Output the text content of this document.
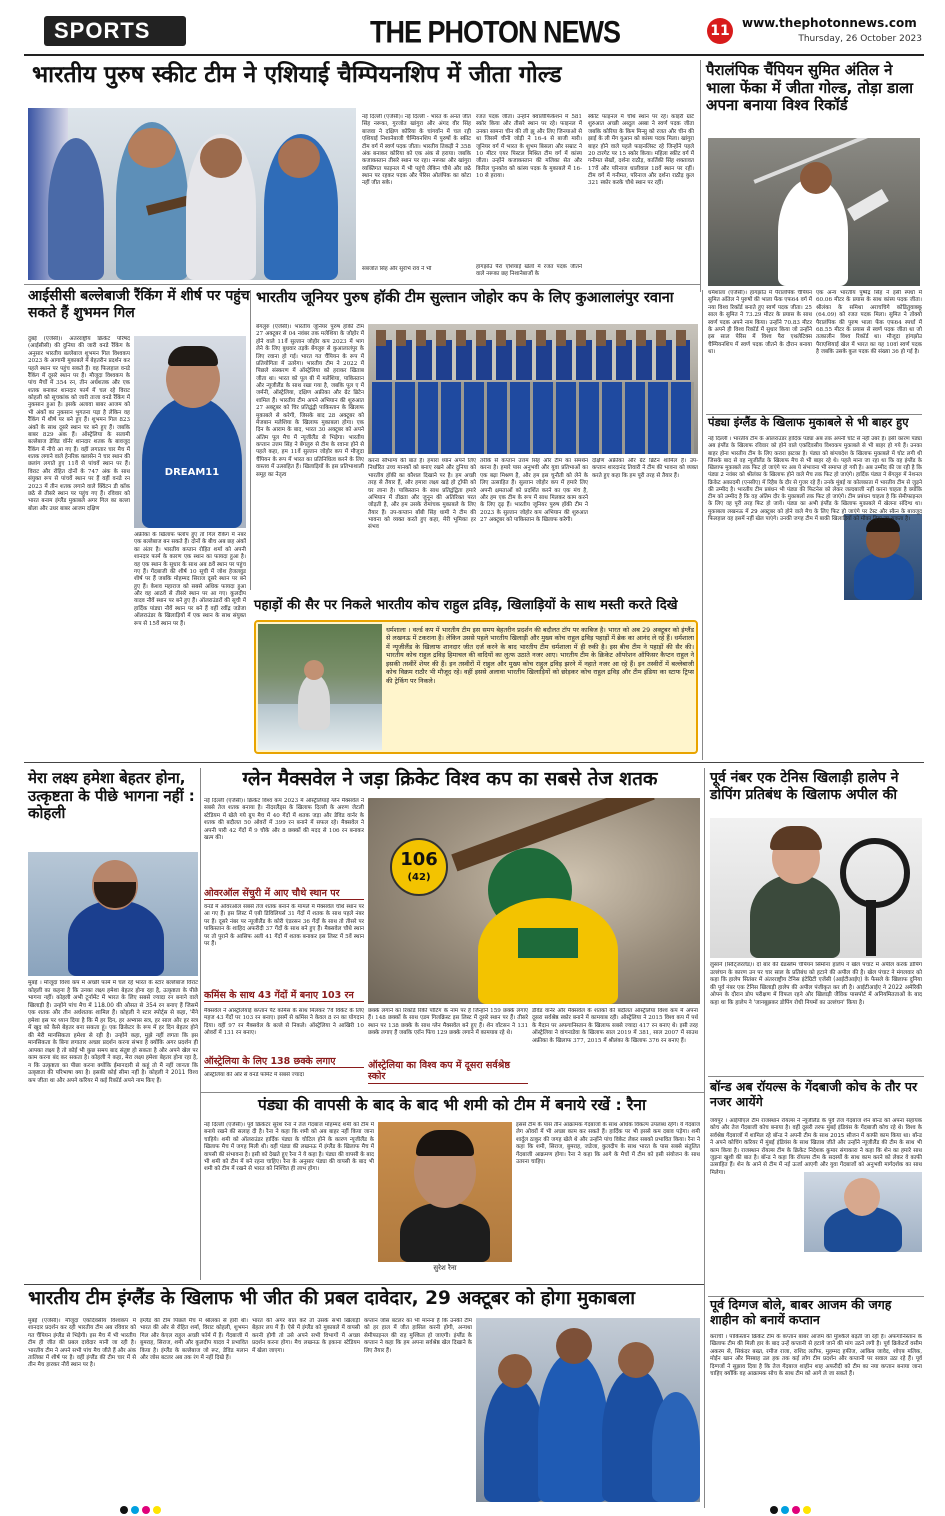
SPORTS	THE PHOTON NEWS	11 www.thephotonnews.com
Thursday, 26 October 2023
भारतीय पुरुष स्कीट टीम ने एशियाई चैम्पियनशिप में जीता गोल्ड
नई दिल्ली (एजेंसी)। नई दिल्ली - भारत के अनंत जीत सिंह नरूका, गुरजोत खांगुरा और अंगद वीर सिंह बाजवा ने दक्षिण कोरिया के चांगवॉन में चल रही एशियाई निशानेबाजी चैम्पियनशिप में पुरुषों के स्कीट टीम वर्ग में स्वर्ण पदक जीता। भारतीय तिकड़ी ने 358 अंक बनाकर कोरिया को एक अंक से हराया। जबकि कजाकस्तान तीसरे स्थान पर रहा। नरूका और खांगुरा व्यक्तिगत फाइनल में भी पहुंचे लेकिन चौथे और छठे स्थान पर रहकर पदक और पेरिस ओलंपिक का कोटा नहीं जीत सके।
सबजोत सिंह और सुरभि राव ने भी
रजत पदक जीता। उन्होंने क्वालीफिकेशन में 581 स्कोर किया और तीसरे स्थान पर रहे। फाइनल में उनका सामना चीन की ली झू और लिए जिनयाओ से था जिसमें चीनी जोड़ी ने 16-4 से बाजी मारी। जूनियर वर्ग में भारत के शुभम बिसला और सम्राट ने 10 मीटर एयर पिस्टल मिश्रित टीम वर्ग में कांस्य जीता। उन्होंने कजाकस्तान की मलिका सेत और किरिल चुनकोव को कांस्य पदक के मुकाबले में 16-10 से हराया।
हांगझोउ पैरा एशियाई खेलों में रजत पदक जीतने वाले नरूका छह निशानेबाजों के
स्कीट फाइनल में चौथे स्थान पर रहे। काइरी ग्रांटे शुरुआत अच्छी अब्दुल अब्बा ने स्वर्ण पदक जीता जबकि कोरिया के किम मिन्सु को रजत और चीन की झाई के ली मेंग युआन को कांस्य पदक मिला। खांगुरा बाहर होने वाले पहले फाइनलिस्ट रहे जिन्होंने पहले 20 टारगेट पर 15 स्कोर किया। महिला स्कीट वर्ग में गनीमत सेखों, दर्शना राठौड़, कार्तिकी सिंह शक्तावत 17वें और परिनाज धालीवाल 18वें स्थान पर रहीं। टीम वर्ग में गनीमत, परिनाज और दर्शना राठौड़ कुल 321 स्कोर करके चौथे स्थान पर रहीं।
पैरालंपिक चैंपियन सुमित अंतिल ने भाला फेंका में जीता गोल्ड, तोड़ा डाला अपना बनाया विश्व रिकॉर्ड
धर्मशाला (एजेंसी)। हांगझोउ में पैरालंपिक चैंपियन सुमित अंतिल ने पुरुषों की भाला फेंक एफ64 वर्ग में नया विश्व रिकॉर्ड बनाते हुए स्वर्ण पदक जीता। 25 साल के सुमित ने 73.29 मीटर के प्रयास के साथ स्वर्ण पदक अपने नाम किया। उन्होंने 70.83 मीटर के अपने ही विश्व रिकॉर्ड में सुधार किया जो उन्होंने इस साल पेरिस में विश्व पैरा एथलेटिक्स चैम्पियनशिप में स्वर्ण पदक जीतने के दौरान बनाया था।
एक अन्य भारतीय पुष्पेंद्र सिंह ने इसी स्पर्धा में 60.06 मीटर के प्रयास के साथ कांस्य पदक जीता। श्रीलंका के समिथा अराचचिगे कोडितुवाक्कू (64.09) को रजत पदक मिला। सुमित ने तोक्यो पैरालंपिक की पुरुष भाला फेंक एफ64 स्पर्धा में 68.55 मीटर के प्रयास से स्वर्ण पदक जीता था जो तत्कालीन विश्व रिकॉर्ड था। मौजूदा हांगझोउ पैराएशियाई खेल में भारत का यह 10वां स्वर्ण पदक है जबकि उसके कुल पदक की संख्या 36 हो गई है।
आईसीसी बल्लेबाजी रैंकिंग में शीर्ष पर पहुंच सकते हैं शुभमन गिल
DREAM11
दुबई (एजेंसी)। अंतरराष्ट्रीय क्रिकेट परिषद (आईसीसी) की दुनिया की जारी वनडे रैंकिंग के अनुसार भारतीय बल्लेबाज शुभमन गिल विश्वकप 2023 के आगामी मुकाबले में बेहतरीन प्रदर्शन कर पहले स्थान पर पहुंच सकते हैं। वह फिलहाल वनडे रैंकिंग में दूसरे स्थान पर हैं। मौजूदा विश्वकप के पांच मैचों में 354 रन, तीन अर्धशतक और एक शतक बनाकर शानदार फार्म में चल रहे विराट कोहली को सूचकांक को जारी ताजा वनडे रैंकिंग में नुकसान हुआ है। इसके अलावा बाबर आजम को भी अंकों का नुकसान भुगतना पड़ा है लेकिन वह रैंकिंग में शीर्ष पर बने हुए हैं। शुभमन गिल 823 अंकों के साथ दूसरे स्थान पर बने हुए हैं। जबकि बाबर 829 अंक हैं। ऑस्ट्रेलिया के सलामी बल्लेबाज डेविड वॉर्नर शानदार शतक के बावजूद रैंकिंग में नीचे आ गए हैं। वहीं लगातार चार मैच में शतक लगाने वाले हेनरिक क्लासेन ने चार स्थान की छलांग लगाते हुए 11वें से पांचवें स्थान पर हैं। विराट और रोहित दोनों के 747 अंक के साथ संयुक्त रूप से पांचवें स्थान पर हैं वहीं वनडे रन 2023 में तीन शतक लगाने वाले क्विंटन डी कॉक छठे से तीसरे स्थान पर पहुंच गए हैं। रविवार को भारत बनाम इंग्लैंड मुकाबले अगर गिल का बल्ला बोला और उधर बाबर आजम दक्षिण
अफ्रीका के खिलाफ फ्लॉप हुए तो गिल रैंकिंग में नंबर एक बल्लेबाज बन सकते हैं। दोनों के बीच अब छह अंकों का अंतर है। भारतीय कप्तान रोहित शर्मा को अपनी शानदार फार्म के कारण एक स्थान का फायदा हुआ है। वह एक स्थान के सुधार के साथ अब 8वें स्थान पर पहुंच गए हैं। गेंदबाजी की शीर्ष 10 सूची में जोश हेजलवुड शीर्ष पर हैं जबकि मोहम्मद सिराज दूसरे स्थान पर बने हुए हैं। केशव महाराज को सबसे अधिक फायदा हुआ और वह आठवें से तीसरे स्थान पर आ गए। कुलदीप यादव नौवें स्थान पर बने हुए हैं। ऑलराउंडरों की सूची में हार्दिक पांड्या नौवें स्थान पर बने हैं वहीं रवींद्र जडेजा ऑलराउंडर के खिलाड़ियों में एक स्थान के साथ संयुक्त रूप से 15वें स्थान पर हैं।
भारतीय जूनियर पुरुष हॉकी टीम सुल्तान जोहोर कप के लिए कुआलालंपुर रवाना
बेंगलुरु (एजेंसी)। भारतीय जूनियर पुरुष हॉकी टीम 27 अक्टूबर से 04 नवंबर तक मलेशिया के जोहोर में होने वाले 11वें सुल्तान जोहोर कप 2023 में भाग लेने के लिए बुधवार तड़के बेंगलुरु से कुआलालंपुर के लिए रवाना हो गई। भारत गत चैंपियन के रूप में प्रतियोगिता में उतरेगा। भारतीय टीम ने 2022 में पिछले संस्करण में ऑस्ट्रेलिया को हराकर खिताब जीता था। भारत को पूल बी में मलेशिया, पाकिस्तान और न्यूजीलैंड के साथ रखा गया है, जबकि पूल ए में जर्मनी, ऑस्ट्रेलिया, दक्षिण अफ्रीका और ग्रेट ब्रिटेन शामिल हैं। भारतीय टीम अपने अभियान की शुरुआत 27 अक्टूबर को चिर प्रतिद्वंद्वी पाकिस्तान के खिलाफ मुकाबले से करेगी, जिसके बाद 28 अक्टूबर को मेजबान मलेशिया के खिलाफ मुकाबला होगा। एक दिन के आराम के बाद, भारत 30 अक्टूबर को अपने अंतिम पूल मैच में न्यूजीलैंड से भिड़ेगा। भारतीय कप्तान उत्तम सिंह ने बेंगलुरु से टीम के रवाना होने से पहले कहा, हम 11वें सुल्तान जोहोर कप में मौजूदा चैंपियन के रूप में भारत का प्रतिनिधित्व करने के लिए वास्तव में उत्साहित हैं। खिलाड़ियों के इस प्रतिभाशाली समूह का नेतृत्व
करना सौभाग्य की बात है। हमारा ध्यान अपने लिए निर्धारित उच्च मानकों को बनाए रखने और दुनिया को भारतीय हॉकी का कौशल दिखाने पर है। हम अच्छी तरह से तैयार हैं, और हमारा लक्ष्य खड़े हो ट्रॉफी को घर लाना है। पाकिस्तान के साथ प्रतिद्वंद्विता हमारे अभियान में तीव्रता और जुनून की अतिरिक्त परत जोड़ती है, और हम उसके रोमांचक मुकाबले के लिए तैयार हैं। उप-कप्तान बॉबी सिंह धामी ने टीम की भावना को व्यक्त करते हुए कहा, मेरी भूमिका हर संभव
तरीके से कप्तान उत्तम सिंह और टीम का समर्थन करना है। हमारे पास अनुभवी और युवा प्रतिभाओं का एक बढ़ा मिश्रण है, और हम इस चुनौती को लेने के लिए उत्साहित हैं। सुल्तान जोहोर कप में हमारे लिए अपनी क्षमताओं को प्रदर्शित करने का एक मंच है, और हम एक टीम के रूप में साथ मिलकर काम करने के लिए दृढ़ हैं। भारतीय जूनियर पुरुष हॉकी टीम ने 2023 के सुल्तान जोहोर कप अभियान की शुरुआत 27 अक्टूबर को पाकिस्तान के खिलाफ करेगी।
दक्षिण अफ्रीका और ग्रेट ब्रिटेन शामिल हैं। उप-कप्तान शारदानंद तिवारी ने टीम की भावना को व्यक्त करते हुए कहा कि हम पूरी तरह से तैयार हैं।
पहाड़ों की सैर पर निकले भारतीय कोच राहुल द्रविड़, खिलाड़ियों के साथ मस्ती करते दिखे
धर्मशाला । वर्ल्ड कप में भारतीय टीम इस समय बेहतरीन प्रदर्शन की बदौलत टॉप पर काबिज है। भारत को अब 29 अक्टूबर को इंग्लैंड से लखनऊ में टकराना है। लेकिन उससे पहले भारतीय खिलाड़ी और मुख्य कोच राहुल द्रविड़ पहाड़ों में ब्रेक का आनंद ले रहे हैं। धर्मशाला में न्यूजीलैंड के खिलाफ शानदार जीत दर्ज करने के बाद भारतीय टीम धर्मशाला में ही रुकी है। इस बीच टीम ने पहाड़ों की सैर की। भारतीय कोच राहुल द्रविड़ हिमाचल की वादियों का लुत्फ उठाते नजर आए। भारतीय टीम के क्रिकेट ऑपरेशन ऑफिसर कैप्टन राहुल ने इसकी तस्वीरें शेयर की हैं। इन तस्वीरों में राहुल और मुख्य कोच राहुल द्रविड़ झरने में नहाते नजर आ रहे हैं। इन तस्वीरों में बल्लेबाजी कोच विक्रम राठौर भी मौजूद रहे। वहीं इससे अलावा भारतीय खिलाड़ियों को छोड़कर कोच राहुल द्रविड़ और टीम इंडिया का स्टाफ ट्रिप्स की ट्रेकिंग पर निकले।
पंड्या इंग्लैंड के खिलाफ मुकाबले से भी बाहर हुए
नई दिल्ली । भारतीय टीम के ऑलराउंडर हार्दिक पंड्या अब तक अपनी चोट से नहीं उबरे हैं। इसी कारण पंड्या अब इंग्लैंड के खिलाफ रविवार को होने वाले एकदिवसीय विश्वकप मुकाबले से भी बाहर हो गये हैं। उनका बाहर होना भारतीय टीम के लिए करारा झटका है। पंड्या को बांग्लादेश के खिलाफ मुकाबले में चोट लगी थी जिसके बाद से वह न्यूजीलैंड के खिलाफ मैच से भी बाहर रहे थे। पहले माना जा रहा था कि वह इंग्लैंड के खिलाफ मुकाबले तक फिट हो जाएंगे पर अब ये संभावना भी समाप्त हो गयी है। अब उम्मीद की जा रही है कि पंड्या 2 नवंबर को श्रीलंका के खिलाफ होने वाले मैच तक फिट हो जाएंगे। हार्दिक पंड्या ने बेंगलुरु में नेशनल क्रिकेट अकादमी (एनसीए) में रिहैब के दौर से गुजर रहे हैं। उनके मुंबई या कोलकाता में भारतीय टीम से जुड़ने की उम्मीद है। भारतीय टीम प्रबंधन भी पंड्या की फिटनेस को लेकर जल्दबाजी नहीं करना चाहता है क्योंकि टीम को उम्मीद है कि वह अंतिम दौर के मुकाबलों तक फिट हो जाएंगे। टीम प्रबंधन चाहता है कि सेमीफाइनल के लिए वह पूरी तरह फिट हो जायें। पंड्या का अभी इंग्लैंड के खिलाफ मुकाबले में खेलना संदिग्ध था। मुकाबला लखनऊ में 29 अक्टूबर को होने वाले मैच के लिए फिट हो जाएंगे पर टेस्ट और स्कैन के बावजूद फिलहाल वह इसमें नहीं खेल पाएंगे। उनकी जगह टीम में बाकी खिलाड़ियों को मौका दिया जा सकता है।
मेरा लक्ष्य हमेशा बेहतर होना, उत्कृष्टता के पीछे भागना नहीं : कोहली
मुंबई । मौजूदा विश्व कप में अच्छी फॉर्म में चल रहे भारत के स्टार बल्लेबाज विराट कोहली का कहना है कि उनका लक्ष्य हमेशा बेहतर होना रहा है, उत्कृष्टता के पीछे भागना नहीं। कोहली अभी टूर्नामेंट में भारत के लिए सबसे ज्यादा रन बनाने वाले खिलाड़ी हैं। उन्होंने पांच मैच में 118.00 की औसत से 354 रन बनाए हैं जिसमें एक शतक और तीन अर्धशतक शामिल हैं। कोहली ने स्टार स्पोर्ट्स से कहा, 'मैंने हमेशा इस पर ध्यान दिया है कि मैं हर दिन, हर अभ्यास सत्र, हर साल और हर सत्र में खुद को कैसे बेहतर बना सकता हूं। एक क्रिकेटर के रूप में हर दिन बेहतर होने की मेरी मानसिकता हमेशा से रही है। उन्होंने कहा, मुझे नहीं लगता कि इस मानसिकता के बिना लगातार अच्छा प्रदर्शन करना संभव है क्योंकि अगर प्रदर्शन ही आपका लक्ष्य है तो कोई भी कुछ समय बाद संतुष्ट हो सकता है और अपने खेल पर काम करना बंद कर सकता है। कोहली ने कहा, मेरा लक्ष्य हमेशा बेहतर होना रहा है, न कि उत्कृष्टता का पीछा करना क्योंकि ईमानदारी से कहूं तो मैं नहीं जानता कि उत्कृष्टता की परिभाषा क्या है। इसकी कोई सीमा नहीं है। कोहली ने 2011 विश्व कप जीता था और अपने करियर में कई रिकॉर्ड अपने नाम किए हैं।
ग्लेन मैक्सवेल ने जड़ा क्रिकेट विश्व कप का सबसे तेज शतक
नई दिल्ली (एजेंसी)। क्रिकेट विश्व कप 2023 में ऑस्ट्रेलियाई ग्लेन मैक्सवेल ने सबसे तेज शतक बनाया है। नीदरलैंड्स के खिलाफ दिल्ली के अरुण जेटली स्टेडियम में खेले गये ग्रुप मैच में 40 गेंदों में शतक जड़ा और डेविड वार्नर के शतक की बदौलत 50 ओवरों में 399 रन बनाने में सफल रहे। मैक्सवेल ने अपनी पारी 42 गेंदों में 9 चौके और 8 छक्कों की मदद से 106 रन बनाकर खत्म की।
ओवरऑल सेंचुरी में आए चौथे स्थान पर
वनडे में ओवरऑल सबसे तेज शतक बनाने के मामले में मैक्सवेल चौथे स्थान पर आ गए हैं। इस लिस्ट में एबी डिविलियर्स 31 गेंदों में शतक के साथ पहले नंबर पर हैं। दूसरे नंबर पर न्यूजीलैंड के कोरी एंडरसन 36 गेंदों के साथ तो तीसरे पर पाकिस्तान के शाहिद अफरीदी 37 गेंदों के साथ बने हुए हैं। मैक्सवेल चौथे स्थान पर तो पुराने के आसिफ अली 41 गेंदों में शतक बनाकर इस लिस्ट में 5वें स्थान पर हैं।
कमिंस के साथ 43 गेंदों में बनाए 103 रन
मैक्सवेल ने ऑस्ट्रेलियाई कप्तान पैट कमिंस के साथ मिलकर 7वें विकेट के लिए महज 43 गेंदों पर 103 रन बनाए। इसमें से कमिंस ने केवल 8 रन का योगदान दिया। वहीं 97 रन मैक्सवेल के बल्ले से निकले। ऑस्ट्रेलिया ने आखिरी 10 ओवरों में 131 रन बनाए।
ऑस्ट्रेलिया के लिए 138 छक्के लगाए
ऑस्ट्रेलिया की ओर से वनडे फॉर्मेट में सबसे ज्यादा
106
(42)
छक्के लगाने का रिकॉर्ड रिकी पोंटिंग के नाम पर है जिन्होंने 159 छक्के लगाए हैं। 148 छक्कों के साथ एडम गिलक्रिस्ट इस लिस्ट में दूसरे स्थान पर हैं। तीसरे स्थान पर 138 छक्के के साथ ग्लेन मैक्सवेल बने हुए हैं। शेन वॉटसन ने 131 छक्के लगाए हैं जबकि एरॉन फिंच 129 छक्के लगाने में कामयाब रहे थे।
ऑस्ट्रेलिया का विश्व कप में दूसरा सर्वश्रेष्ठ स्कोर
डेविड वार्नर और मैक्सवेल के शतकों की बदौलत ऑस्ट्रेलिया विश्व कप में अपना दूसरा सर्वश्रेष्ठ स्कोर बनाने में कामयाब रही। ऑस्ट्रेलिया ने 2015 विश्व कप में पर्थ के मैदान पर अफगानिस्तान के खिलाफ सबसे ज्यादा 417 रन बनाए थे। इसी तरह ऑस्ट्रेलिया ने वांगनाडेवा के खिलाफ साल 2019 में 381, साल 2007 में साउथ अफ्रीका के खिलाफ 377, 2015 में श्रीलंका के खिलाफ 376 रन बनाए हैं।
पूर्व नंबर एक टेनिस खिलाड़ी हालेप ने डोपिंग प्रतिबंध के खिलाफ अपील की
लुसाने (स्विट्जरलैंड)। दो बार की ग्रैंडस्लैम चैंपियन सिमोना हालेप ने खेल पंचाट में अपील करके डोपिंग उल्लंघन के कारण उन पर चार साल के प्रतिबंध को हटाने की अपील की है। खेल पंचाट ने मंगलवार को कहा कि हालेप सितंबर में अंतरराष्ट्रीय टेनिस इंटेग्रिटी एजेंसी (आईटीआईए) के फैसले के खिलाफ दुनिया की पूर्व नंबर एक टेनिस खिलाड़ी हालेप की अपील पंजीकृत कर ली है। आईटीआईए ने 2022 अमेरिकी ओपन के दौरान डोप परीक्षण में विफल रहने और खिलाड़ी जैविक पासपोर्ट में अनियमितताओं के बाद कहा था कि हालेप ने 'जानबूझकर डोपिंग रोधी नियमों का उल्लंघन' किया है।
बॉन्ड अब रॉयल्स के गेंदबाजी कोच के तौर पर नजर आयेंगे
जयपुर । आईपीएल टीम राजस्थान रॉयल्स ने न्यूजीलैंड के पूर्व तेज गेंदबाज शेन बॉन्ड को अपना सहायक कोच और तेज गेंदबाजी कोच बनाया है। वहीं दूसरी तरफ मुंबई इंडियंस के गेंदबाजी कोच रहे थे। विश्व के सर्वश्रेष्ठ गेंदबाजों में शामिल रहे बॉन्ड ने अपनी टीम के साथ 2015 सीजन में काफी काम किया था। बॉन्ड ने अपने कोचिंग करियर में मुंबई इंडियंस के साथ खिताब जीते और उन्होंने न्यूजीलैंड की टीम के साथ भी काम किया है। राजस्थान रॉयल्स टीम के क्रिकेट निदेशक कुमार संगाकारा ने कहा कि शेन का हमारे साथ जुड़ना खुशी की बात है। बॉन्ड ने कहा कि रॉयल्स टीम के सदस्यों के साथ काम करने को लेकर वे काफी उत्साहित हैं। शेन के आने से टीम में नई ऊर्जा आएगी और युवा गेंदबाजों को अनुभवी मार्गदर्शक का साथ मिलेगा।
पूर्व दिग्गज बोले, बाबर आजम की जगह शाहीन को बनायें कप्तान
कराची । पाकिस्तान क्रिकेट टीम के कप्तान बाबर आजम की मुश्किलें बढ़ती जा रही हैं। अफगानिस्तान के खिलाफ टीम की मिली हार के बाद उन्हें कप्तानी से हटाये जाने की मांग उठने लगी है। पूर्व क्रिकेटरों वसीम अकरम से, सिकंदर बख्त, रमीज राजा, राशिद लतीफ, मुहम्मद हफीज, आकिब जावेद, शोएब मलिक, मोईन खान और मिस्बाह उल हक तक कई लोग टीम प्रदर्शन और कप्तानी पर सवाल उठा रहे हैं। पूर्व दिग्गजों ने सुझाव दिया है कि तेज गेंदबाज शाहीन शाह अफरीदी को टीम का नया कप्तान बनाया जाना चाहिए क्योंकि वह आक्रामक सोच के साथ टीम को आगे ले जा सकते हैं।
पंड्या की वापसी के बाद के बाद भी शमी को टीम में बनाये रखें : रैना
नई दिल्ली (एजेंसी)। पूर्व क्रिकेटर सुरेश रैना ने तेज गेंदबाज मोहम्मद शमी को टीम में बनाये रखने की सलाह दी है। रैना ने कहा कि शमी को अब बाहर नहीं किया जाना चाहिये। शमी को ऑलराउंडर हार्दिक पंड्या के चोटिल होने के कारण न्यूजीलैंड के खिलाफ मैच में जगह मिली थी। वहीं पंड्या की लखनऊ में इंग्लैंड के खिलाफ मैच में वापसी की संभावना है। इसी को देखते हुए रैना ने ये कहा है। पंड्या की वापसी के बाद भी शमी को टीम में बने रहना चाहिए। रैना के अनुसार पंड्या की वापसी के बाद भी शमी को टीम में रखने से भारत को निश्चित ही लाभ होगा।
सुरेश रैना
इससे टीम के पास तीन आक्रामक गेंदबाजों के साथ अधिक विकल्प उपलब्ध रहेंगे। ये गेंदबाज लेग ओवरों में भी अच्छा काम कर सकते हैं। हार्दिक पर भी इससे कम दबाव पड़ेगा। शमी शार्दुल ठाकुर की जगह खेले थे और उन्होंने पांच विकेट लेकर सबको प्रभावित किया। रैना ने कहा कि शमी, सिराज, बुमराह, जडेजा, कुलदीप के साथ भारत के पास सबसे संतुलित गेंदबाजी आक्रमण होगा। रैना ने कहा कि आगे के मैचों में टीम को इसी संयोजन के साथ उतरना चाहिए।
भारतीय टीम इंग्लैंड के खिलाफ भी जीत की प्रबल दावेदार, 29 अक्टूबर को होगा मुकाबला
मुंबई (एजेंसी)। मौजूदा एकदिवसीय विश्वकप में शानदार प्रदर्शन कर रही भारतीय टीम अब रविवार को गत चैंपियन इंग्लैंड से भिड़ेगी। इस मैच में भी भारतीय टीम ही जीत की प्रबल दावेदार मानी जा रही है। भारतीय टीम ने अपने सभी पांच मैच जीते हैं और अंक तालिका में शीर्ष पर है। वहीं इंग्लैंड की टीम चार में से तीन मैच हारकर नौवें स्थान पर है।
इंग्लैंड की टीम पिछले मैच में श्रीलंका से हारी थी। भारत की ओर से रोहित शर्मा, विराट कोहली, शुभमन गिल और केएल राहुल अच्छी फॉर्म में हैं। गेंदबाजी में बुमराह, सिराज, शमी और कुलदीप यादव ने प्रभावित किया है। इंग्लैंड के बल्लेबाज जो रूट, डेविड मलान और जोस बटलर अब तक रंग में नहीं दिखे हैं।
भारत की अगर बात करें तो उसके सभी खिलाड़ी बेहतर लय में हैं। ऐसे में इंग्लैंड को मुकाबले में वापसी करनी होगी तो उसे अपने सभी विभागों में अच्छा प्रदर्शन करना होगा। मैच लखनऊ के इकाना स्टेडियम में खेला जाएगा।
कप्तान जोस बटलर का भी मानना है कि उनकी टीम को हर हाल में जीत हासिल करनी होगी, अन्यथा सेमीफाइनल की राह मुश्किल हो जाएगी। इंग्लैंड के कप्तान ने कहा कि हम अपना सर्वश्रेष्ठ खेल दिखाने के लिए तैयार हैं।
